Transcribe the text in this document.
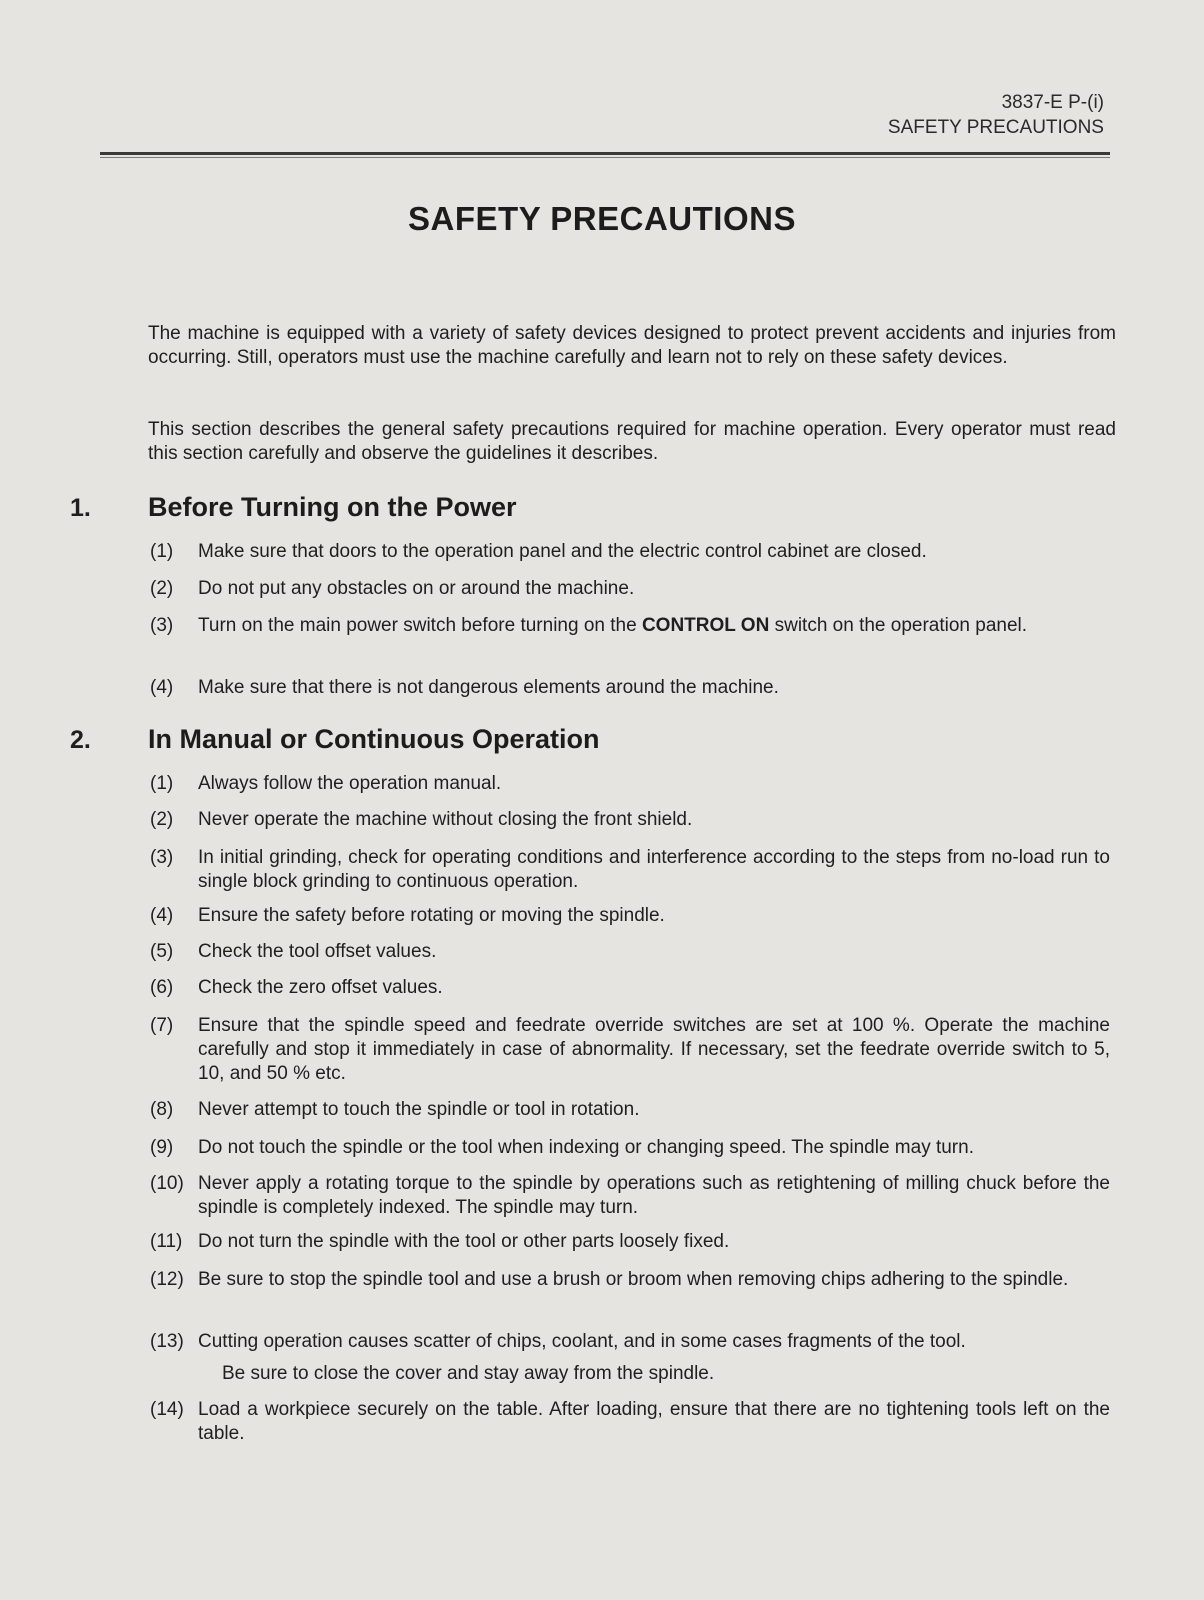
3837-E P-(i)
SAFETY PRECAUTIONS
SAFETY PRECAUTIONS

The machine is equipped with a variety of safety devices designed to protect prevent accidents and injuries from occurring. Still, operators must use the machine carefully and learn not to rely on these safety devices.

This section describes the general safety precautions required for machine operation. Every operator must read this section carefully and observe the guidelines it describes.

1. Before Turning on the Power
(1)	Make sure that doors to the operation panel and the electric control cabinet are closed.
(2)	Do not put any obstacles on or around the machine.
(3)	Turn on the main power switch before turning on the CONTROL ON switch on the operation panel.
(4)	Make sure that there is not dangerous elements around the machine.
2. In Manual or Continuous Operation
(1)	Always follow the operation manual.
(2)	Never operate the machine without closing the front shield.
(3)	In initial grinding, check for operating conditions and interference according to the steps from no-load run to single block grinding to continuous operation.
(4)	Ensure the safety before rotating or moving the spindle.
(5)	Check the tool offset values.
(6)	Check the zero offset values.
(7)	Ensure that the spindle speed and feedrate override switches are set at 100 %. Operate the machine carefully and stop it immediately in case of abnormality. If necessary, set the feedrate override switch to 5, 10, and 50 % etc.
(8)	Never attempt to touch the spindle or tool in rotation.
(9)	Do not touch the spindle or the tool when indexing or changing speed. The spindle may turn.
(10) Never apply a rotating torque to the spindle by operations such as retightening of milling chuck before the spindle is completely indexed. The spindle may turn.
(11) Do not turn the spindle with the tool or other parts loosely fixed.
(12) Be sure to stop the spindle tool and use a brush or broom when removing chips adhering to the spindle.
(13) Cutting operation causes scatter of chips, coolant, and in some cases fragments of the tool.
Be sure to close the cover and stay away from the spindle.
(14) Load a workpiece securely on the table. After loading, ensure that there are no tightening tools left on the table.
